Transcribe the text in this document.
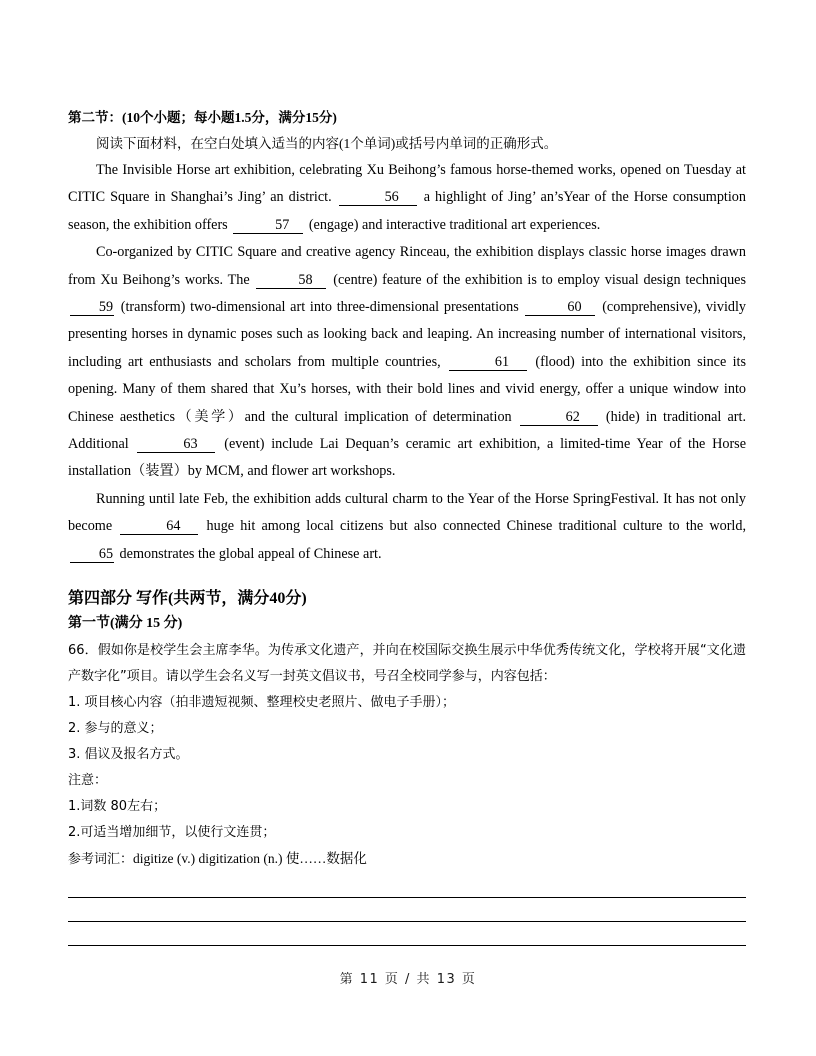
第二节：(10个小题；每小题1.5分，满分15分)
阅读下面材料，在空白处填入适当的内容(1个单词)或括号内单词的正确形式。
The Invisible Horse art exhibition, celebrating Xu Beihong’s famous horse-themed works, opened on Tuesday at CITIC Square in Shanghai’s Jing’ an district.	56 a highlight of Jing’ an’sYear of the Horse consumption season, the exhibition offers	57 (engage) and interactive traditional art experiences.
Co-organized by CITIC Square and creative agency Rinceau, the exhibition displays classic horse images drawn from Xu Beihong’s works. The	58 (centre) feature of the exhibition is to employ visual design techniques 59 (transform) two-dimensional art into three-dimensional presentations	60 (comprehensive), vividly presenting horses in dynamic poses such as looking back and leaping. An increasing number of international visitors, including art enthusiasts and scholars from multiple countries,	61 (flood) into the exhibition since its opening. Many of them shared that Xu’s horses, with their bold lines and vivid energy, offer a unique window into Chinese aesthetics（美学）and the cultural implication of determination	62 (hide) in traditional art. Additional	63 (event) include Lai Dequan’s ceramic art exhibition, a limited-time Year of the Horse installation（装置）by MCM, and flower art workshops.
Running until late Feb, the exhibition adds cultural charm to the Year of the Horse SpringFestival. It has not only become	64 huge hit among local citizens but also connected Chinese traditional culture to the world, 65 demonstrates the global appeal of Chinese art.
第四部分 写作(共两节，满分40分)
第一节(满分 15 分)
66．假如你是校学生会主席李华。为传承文化遗产，并向在校国际交换生展示中华优秀传统文化，学校将开展“文化遗产数字化”项目。请以学生会名义写一封英文倡议书，号召全校同学参与，内容包括：
1. 项目核心内容（拍非遗短视频、整理校史老照片、做电子手册）；
2. 参与的意义；
3. 倡议及报名方式。
注意：
1.词数 80左右；
2.可适当增加细节，以使行文连贯；
参考词汇：digitize (v.) digitization (n.) 使……数据化
第 11 页 / 共 13 页
